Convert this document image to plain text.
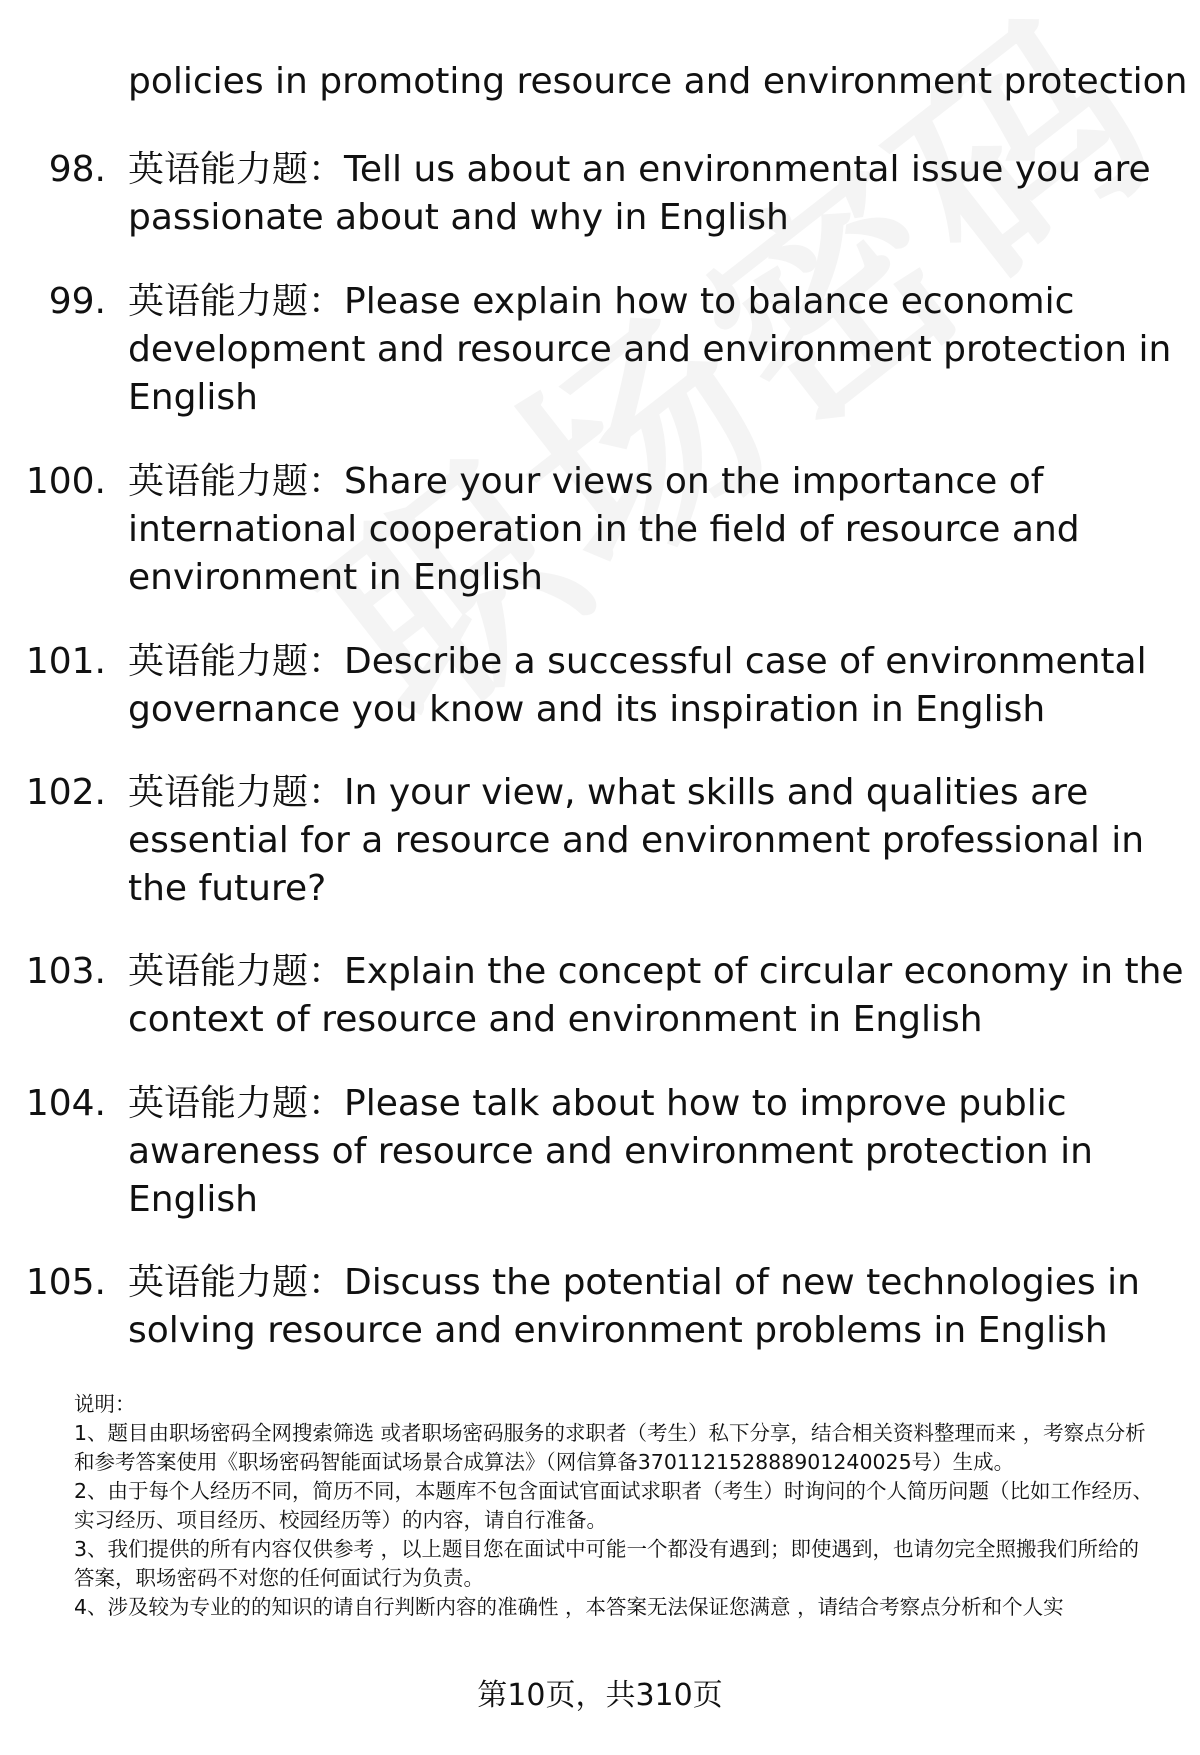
policies in promoting resource and environment protection
98. 英语能力题：Tell us about an environmental issue you are passionate about and why in English
99. 英语能力题：Please explain how to balance economic development and resource and environment protection in English
100. 英语能力题：Share your views on the importance of international cooperation in the field of resource and environment in English
101. 英语能力题：Describe a successful case of environmental governance you know and its inspiration in English
102. 英语能力题：In your view, what skills and qualities are essential for a resource and environment professional in the future?
103. 英语能力题：Explain the concept of circular economy in the context of resource and environment in English
104. 英语能力题：Please talk about how to improve public awareness of resource and environment protection in English
105. 英语能力题：Discuss the potential of new technologies in solving resource and environment problems in English

说明：

1、题目由职场密码全网搜索筛选 或者职场密码服务的求职者（考生）私下分享，结合相关资料整理而来 ，考察点分析和参考答案使用《职场密码智能面试场景合成算法》（网信算备37011215288890124​0025号）生成。

2、由于每个人经历不同，简历不同，本题库不包含面试官面试求职者（考生）时询问的个人简历问题（比如工作经历、实习经历、项目经历、校园经历等）的内容，请自行准备。

3、我们提供的所有内容仅供参考 ，以上题目您在面试中可能一个都没有遇到；即使遇到，也请勿完全照搬我们所给的答案，职场密码不对您的任何面试行为负责。

4、涉及较为专业的的知识的请自行判断内容的准确性 ，本答案无法保证您满意 ，请结合考察点分析和个人实

第10页，共310页
